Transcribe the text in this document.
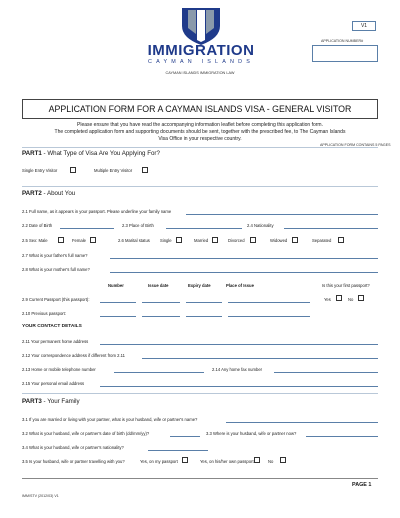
IMMIGRATION
CAYMAN ISLANDS
CAYMAN ISLANDS IMMIGRATION LAW
V1
APPLICATION NUMBER#
APPLICATION FORM FOR A CAYMAN ISLANDS VISA - GENERAL VISITOR
Please ensure that you have read the accompanying information leaflet before completing this application form.
The completed application form and supporting documents should be sent, together with the prescribed fee, to The Cayman Islands
Visa Office in your respective country.
APPLICATION FORM CONTAINS 5 PAGES
PART1 - What Type of Visa Are You Applying For?
Single Entry Visitor	Multiple Entry Visitor
PART2 - About You
2.1 Full name, as it appears in your passport. Please underline your family name
2.2 Date of Birth	2.3 Place of Birth	2.4 Nationality
2.5 Sex: Male	Female	2.6 Marital status Single	Married	Divorced	Widowed	Separated
2.7 What is your father's full name?
2.8 What is your mother's full name?
Number	Issue date	Expiry date	Place of Issue	Is this your first passport?
2.9 Current Passport (this passport):	Yes	No
2.10 Previous passport:
YOUR CONTACT DETAILS
2.11 Your permanent home address
2.12 Your correspondence address if different from 2.11
2.13 Home or mobile telephone number	2.14 Any home fax number
2.15 Your personal email address
PART3 - Your Family
3.1 If you are married or living with your partner, what is your husband, wife or partner's name?
3.2 What is your husband, wife or partner's date of birth (dd/mm/yy)?	3.3 Where is your husband, wife or partner now?
3.4 What is your husband, wife or partner's nationality?
3.5 Is your husband, wife or partner travelling with you?	Yes, on my passport	Yes, on his/her own passport	No
PAGE 1
IMM/STV (2012/03) V1
